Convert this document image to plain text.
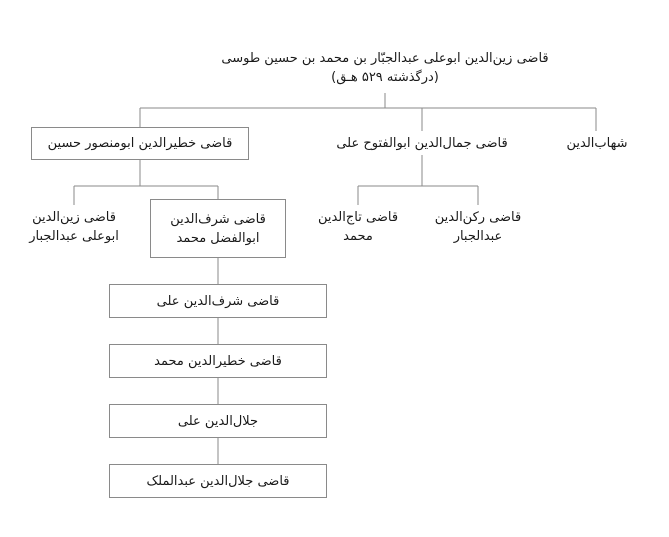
قاضی زین‌الدین ابوعلی عبدالجبّار بن محمد بن حسین طوسی
(درگذشته ۵۲۹ هـق)
شهاب‌الدین
قاضی جمال‌الدین ابوالفتوح علی
قاضی خطیرالدین ابومنصور حسین
قاضی رکن‌الدین
عبدالجبار
قاضی تاج‌الدین
محمد
قاضی شرف‌الدین
ابوالفضل محمد
قاضی زین‌الدین
ابوعلی عبدالجبار
قاضی شرف‌الدین علی
قاضی خطیرالدین محمد
جلال‌الدین علی
قاضی جلال‌الدین عبدالملک
